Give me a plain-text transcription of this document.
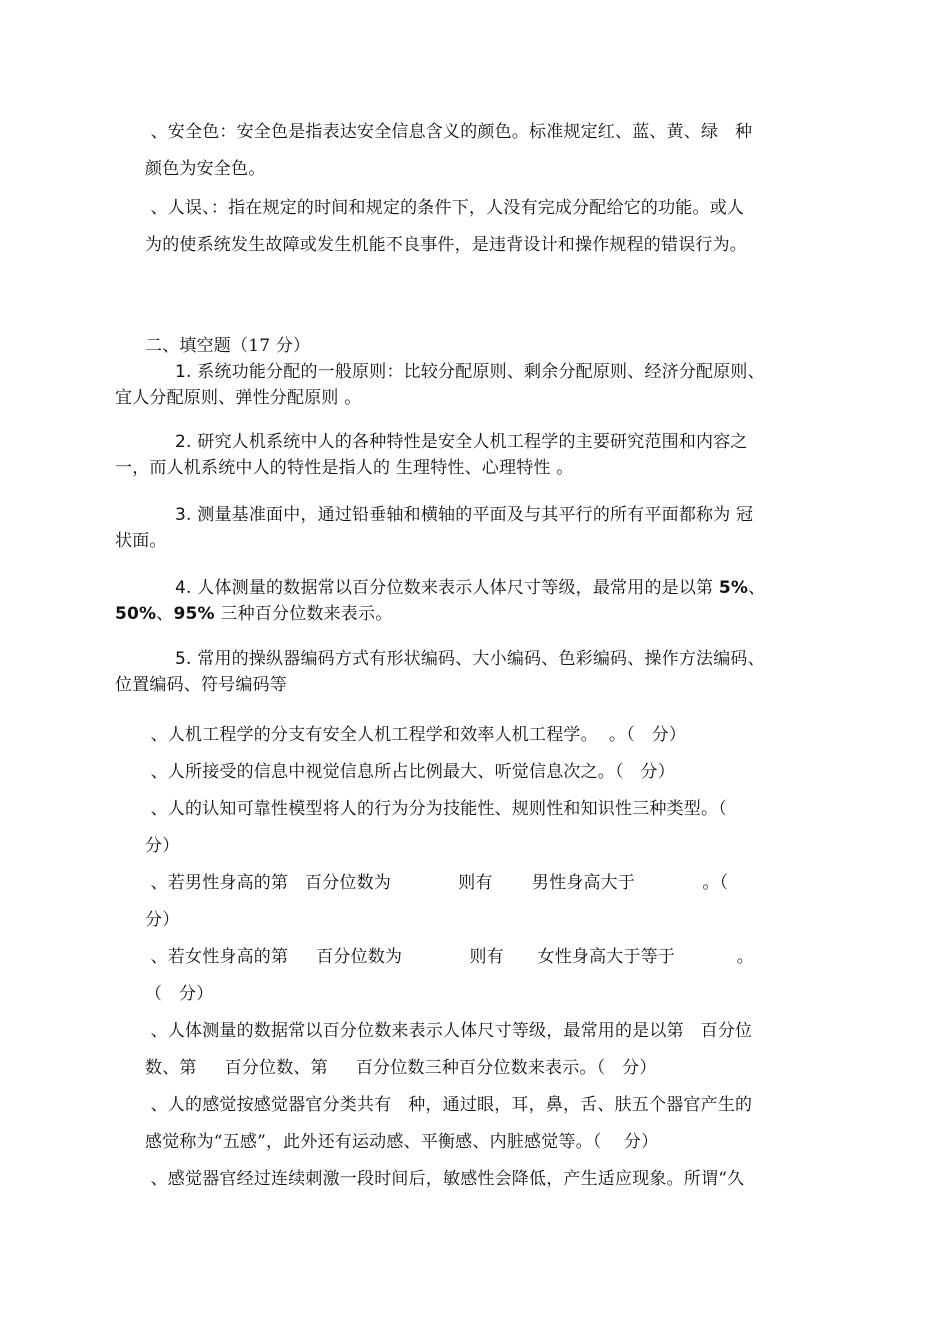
、安全色：安全色是指表达安全信息含义的颜色。标准规定红、蓝、黄、绿   种
颜色为安全色。

、人误、：指在规定的时间和规定的条件下，人没有完成分配给它的功能。或人
为的使系统发生故障或发生机能不良事件，是违背设计和操作规程的错误行为。

二、填空题（17 分）

1. 系统功能分配的一般原则：比较分配原则、剩余分配原则、经济分配原则、
宜人分配原则、弹性分配原则 。

2. 研究人机系统中人的各种特性是安全人机工程学的主要研究范围和内容之
一，而人机系统中人的特性是指人的 生理特性、心理特性 。

3. 测量基准面中，通过铅垂轴和横轴的平面及与其平行的所有平面都称为 冠
状面。

4. 人体测量的数据常以百分位数来表示人体尺寸等级，最常用的是以第 5%、
50%、95% 三种百分位数来表示。

5. 常用的操纵器编码方式有形状编码、大小编码、色彩编码、操作方法编码、
位置编码、符号编码等

、人机工程学的分支有安全人机工程学和效率人机工程学。  。（   分）
、人所接受的信息中视觉信息所占比例最大、听觉信息次之。（   分）
、人的认知可靠性模型将人的行为分为技能性、规则性和知识性三种类型。（
分）
、若男性身高的第   百分位数为            则有       男性身高大于            。（
分）
、若女性身高的第     百分位数为            则有      女性身高大于等于           。
（   分）
、人体测量的数据常以百分位数来表示人体尺寸等级，最常用的是以第   百分位
数、第     百分位数、第     百分位数三种百分位数来表示。（   分）
、人的感觉按感觉器官分类共有   种，通过眼，耳，鼻，舌、肤五个器官产生的
感觉称为“五感”，此外还有运动感、平衡感、内脏感觉等。（    分）
、感觉器官经过连续刺激一段时间后，敏感性会降低，产生适应现象。所谓“久
